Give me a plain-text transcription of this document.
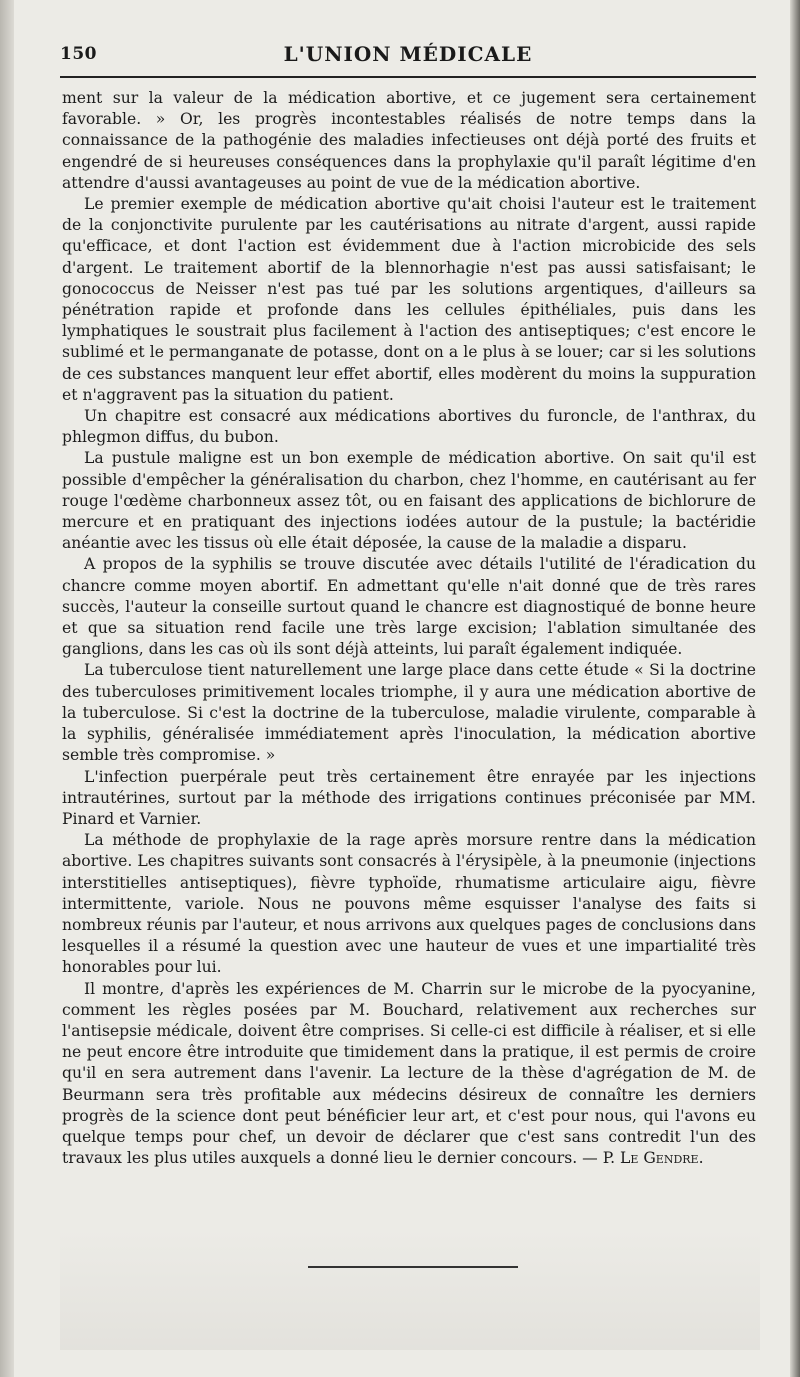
150	L'UNION MÉDICALE

ment sur la valeur de la médication abortive, et ce jugement sera certainement favorable. » Or, les progrès incontestables réalisés de notre temps dans la connaissance de la pathogénie des maladies infectieuses ont déjà porté des fruits et engendré de si heureuses conséquences dans la prophylaxie qu'il paraît légitime d'en attendre d'aussi avantageuses au point de vue de la médication abortive.

Le premier exemple de médication abortive qu'ait choisi l'auteur est le traitement de la conjonctivite purulente par les cautérisations au nitrate d'argent, aussi rapide qu'efficace, et dont l'action est évidemment due à l'action microbicide des sels d'argent. Le traitement abortif de la blennorhagie n'est pas aussi satisfaisant; le gonococcus de Neisser n'est pas tué par les solutions argentiques, d'ailleurs sa pénétration rapide et profonde dans les cellules épithéliales, puis dans les lymphatiques le soustrait plus facilement à l'action des antiseptiques; c'est encore le sublimé et le permanganate de potasse, dont on a le plus à se louer; car si les solutions de ces substances manquent leur effet abortif, elles modèrent du moins la suppuration et n'aggravent pas la situation du patient.

Un chapitre est consacré aux médications abortives du furoncle, de l'anthrax, du phlegmon diffus, du bubon.

La pustule maligne est un bon exemple de médication abortive. On sait qu'il est possible d'empêcher la généralisation du charbon, chez l'homme, en cautérisant au fer rouge l'œdème charbonneux assez tôt, ou en faisant des applications de bichlorure de mercure et en pratiquant des injections iodées autour de la pustule; la bactéridie anéantie avec les tissus où elle était déposée, la cause de la maladie a disparu.

A propos de la syphilis se trouve discutée avec détails l'utilité de l'éradication du chancre comme moyen abortif. En admettant qu'elle n'ait donné que de très rares succès, l'auteur la conseille surtout quand le chancre est diagnostiqué de bonne heure et que sa situation rend facile une très large excision; l'ablation simultanée des ganglions, dans les cas où ils sont déjà atteints, lui paraît également indiquée.

La tuberculose tient naturellement une large place dans cette étude « Si la doctrine des tuberculoses primitivement locales triomphe, il y aura une médication abortive de la tuberculose. Si c'est la doctrine de la tuberculose, maladie virulente, comparable à la syphilis, généralisée immédiatement après l'inoculation, la médication abortive semble très compromise. »

L'infection puerpérale peut très certainement être enrayée par les injections intrautérines, surtout par la méthode des irrigations continues préconisée par MM. Pinard et Varnier.

La méthode de prophylaxie de la rage après morsure rentre dans la médication abortive. Les chapitres suivants sont consacrés à l'érysipèle, à la pneumonie (injections interstitielles antiseptiques), fièvre typhoïde, rhumatisme articulaire aigu, fièvre intermittente, variole. Nous ne pouvons même esquisser l'analyse des faits si nombreux réunis par l'auteur, et nous arrivons aux quelques pages de conclusions dans lesquelles il a résumé la question avec une hauteur de vues et une impartialité très honorables pour lui.

Il montre, d'après les expériences de M. Charrin sur le microbe de la pyocyanine, comment les règles posées par M. Bouchard, relativement aux recherches sur l'antisepsie médicale, doivent être comprises. Si celle-ci est difficile à réaliser, et si elle ne peut encore être introduite que timidement dans la pratique, il est permis de croire qu'il en sera autrement dans l'avenir. La lecture de la thèse d'agrégation de M. de Beurmann sera très profitable aux médecins désireux de connaître les derniers progrès de la science dont peut bénéficier leur art, et c'est pour nous, qui l'avons eu quelque temps pour chef, un devoir de déclarer que c'est sans contredit l'un des travaux les plus utiles auxquels a donné lieu le dernier concours. — P. Le Gendre.
